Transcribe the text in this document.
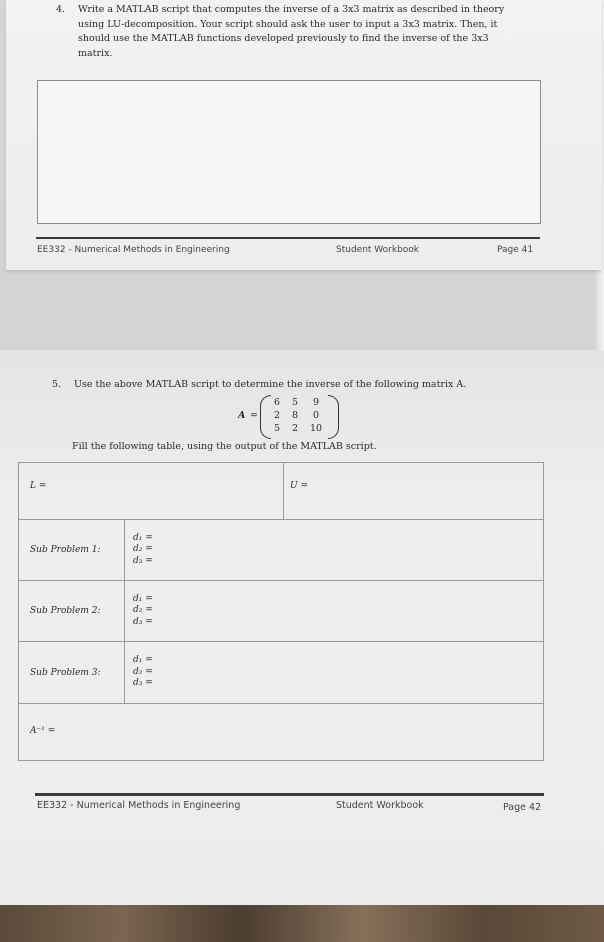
4. Write a MATLAB script that computes the inverse of a 3x3 matrix as described in theory
using LU-decomposition. Your script should ask the user to input a 3x3 matrix. Then, it
should use the MATLAB functions developed previously to find the inverse of the 3x3
matrix.
EE332 - Numerical Methods in Engineering	Student Workbook	Page 41
5. Use the above MATLAB script to determine the inverse of the following matrix A.
A =
6	5	9
2	8	0
5	2	10
Fill the following table, using the output of the MATLAB script.
L =		U =
Sub Problem 1:	d₁ =
d₂ =
d₃ =	

Sub Problem 2:	d₁ =
d₂ =
d₃ =	

Sub Problem 3:	d₁ =
d₂ =
d₃ =	

A⁻¹ =		
EE332 - Numerical Methods in Engineering	Student Workbook	Page 42
